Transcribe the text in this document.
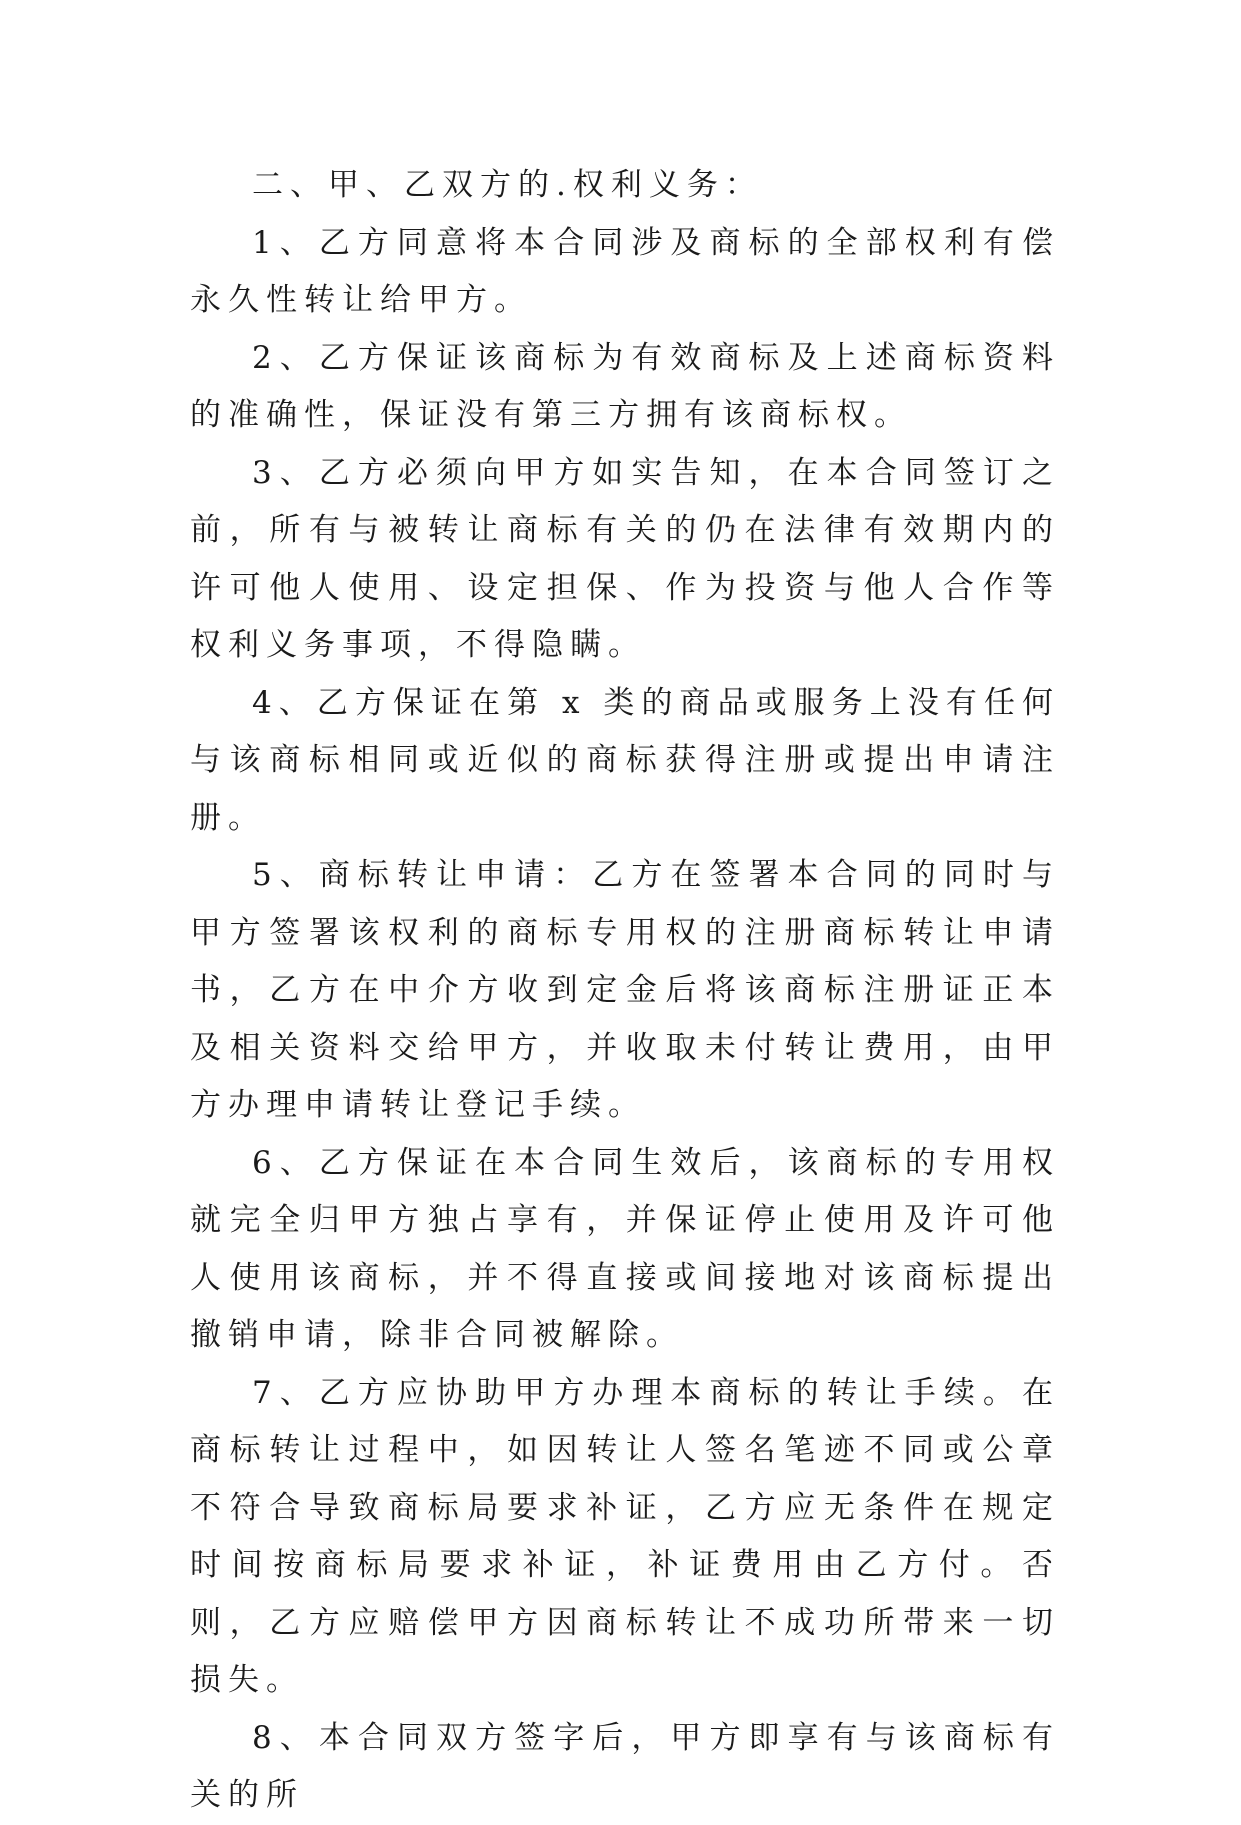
二、甲、乙双方的.权利义务：

1、乙方同意将本合同涉及商标的全部权利有偿永久性转让给甲方。

2、乙方保证该商标为有效商标及上述商标资料的准确性，保证没有第三方拥有该商标权。

3、乙方必须向甲方如实告知，在本合同签订之前，所有与被转让商标有关的仍在法律有效期内的许可他人使用、设定担保、作为投资与他人合作等权利义务事项，不得隐瞒。

4、乙方保证在第 x 类的商品或服务上没有任何与该商标相同或近似的商标获得注册或提出申请注册。

5、商标转让申请：乙方在签署本合同的同时与甲方签署该权利的商标专用权的注册商标转让申请书，乙方在中介方收到定金后将该商标注册证正本及相关资料交给甲方，并收取未付转让费用，由甲方办理申请转让登记手续。

6、乙方保证在本合同生效后，该商标的专用权就完全归甲方独占享有，并保证停止使用及许可他人使用该商标，并不得直接或间接地对该商标提出撤销申请，除非合同被解除。

7、乙方应协助甲方办理本商标的转让手续。在商标转让过程中，如因转让人签名笔迹不同或公章不符合导致商标局要求补证，乙方应无条件在规定时间按商标局要求补证，补证费用由乙方付。否则，乙方应赔偿甲方因商标转让不成功所带来一切损失。

8、本合同双方签字后，甲方即享有与该商标有关的所
